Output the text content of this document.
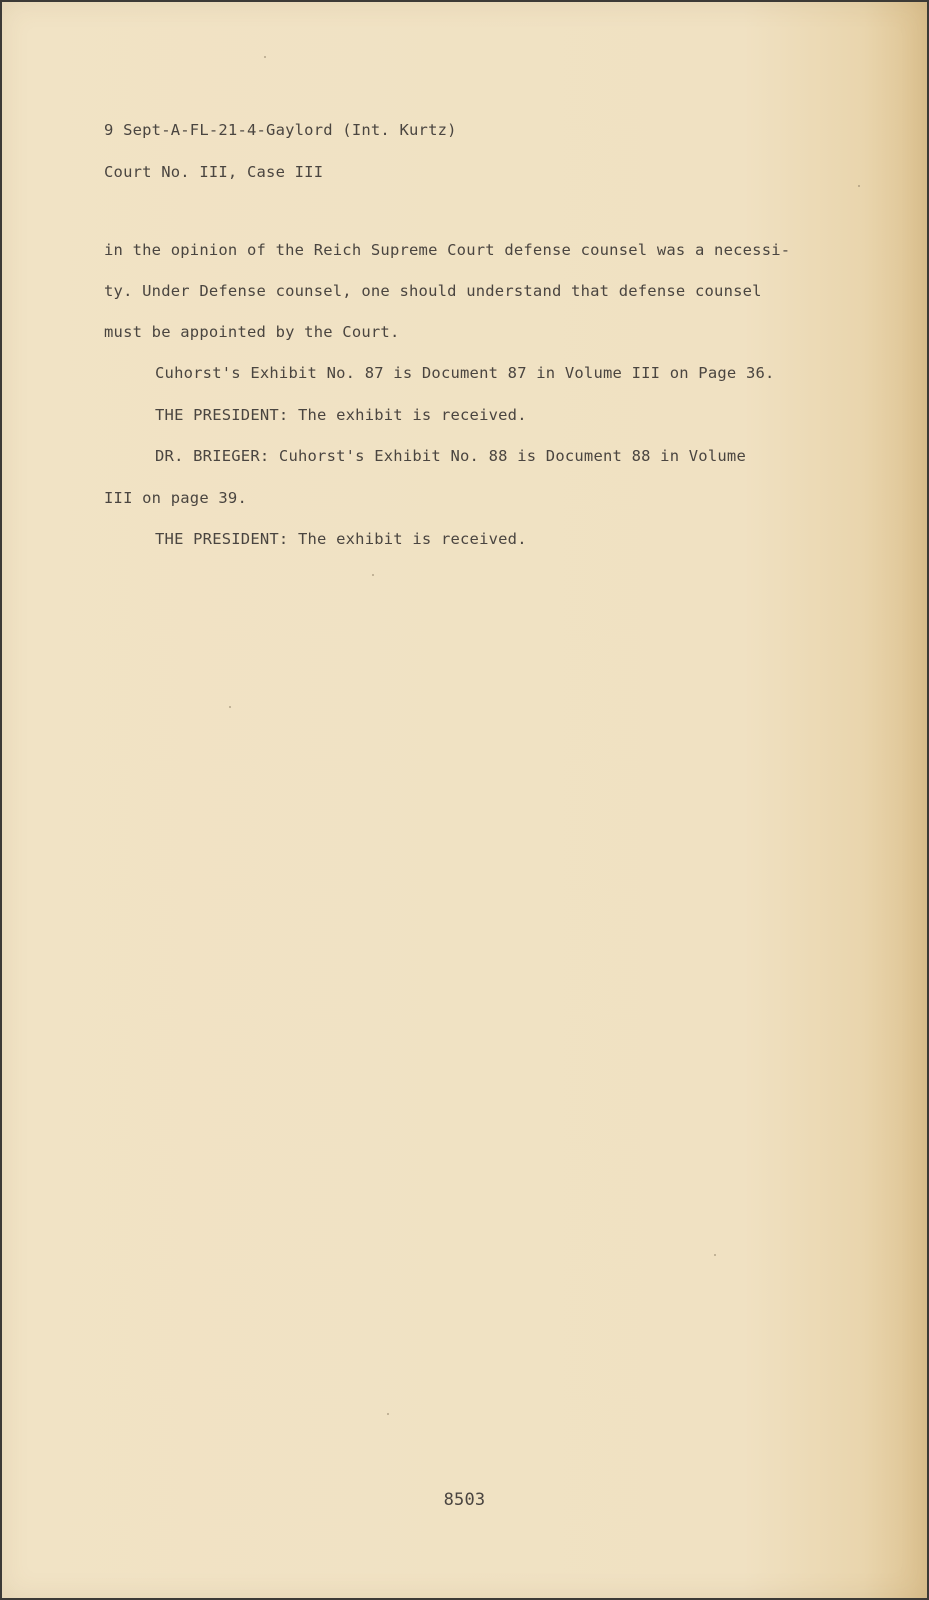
9 Sept-A-FL-21-4-Gaylord (Int. Kurtz)
Court No. III, Case III
in the opinion of the Reich Supreme Court defense counsel was a necessi-
ty. Under Defense counsel, one should understand that defense counsel
must be appointed by the Court.
Cuhorst's Exhibit No. 87 is Document 87 in Volume III on Page 36.
THE PRESIDENT: The exhibit is received.
DR. BRIEGER: Cuhorst's Exhibit No. 88 is Document 88 in Volume
III on page 39.
THE PRESIDENT: The exhibit is received.
8503
